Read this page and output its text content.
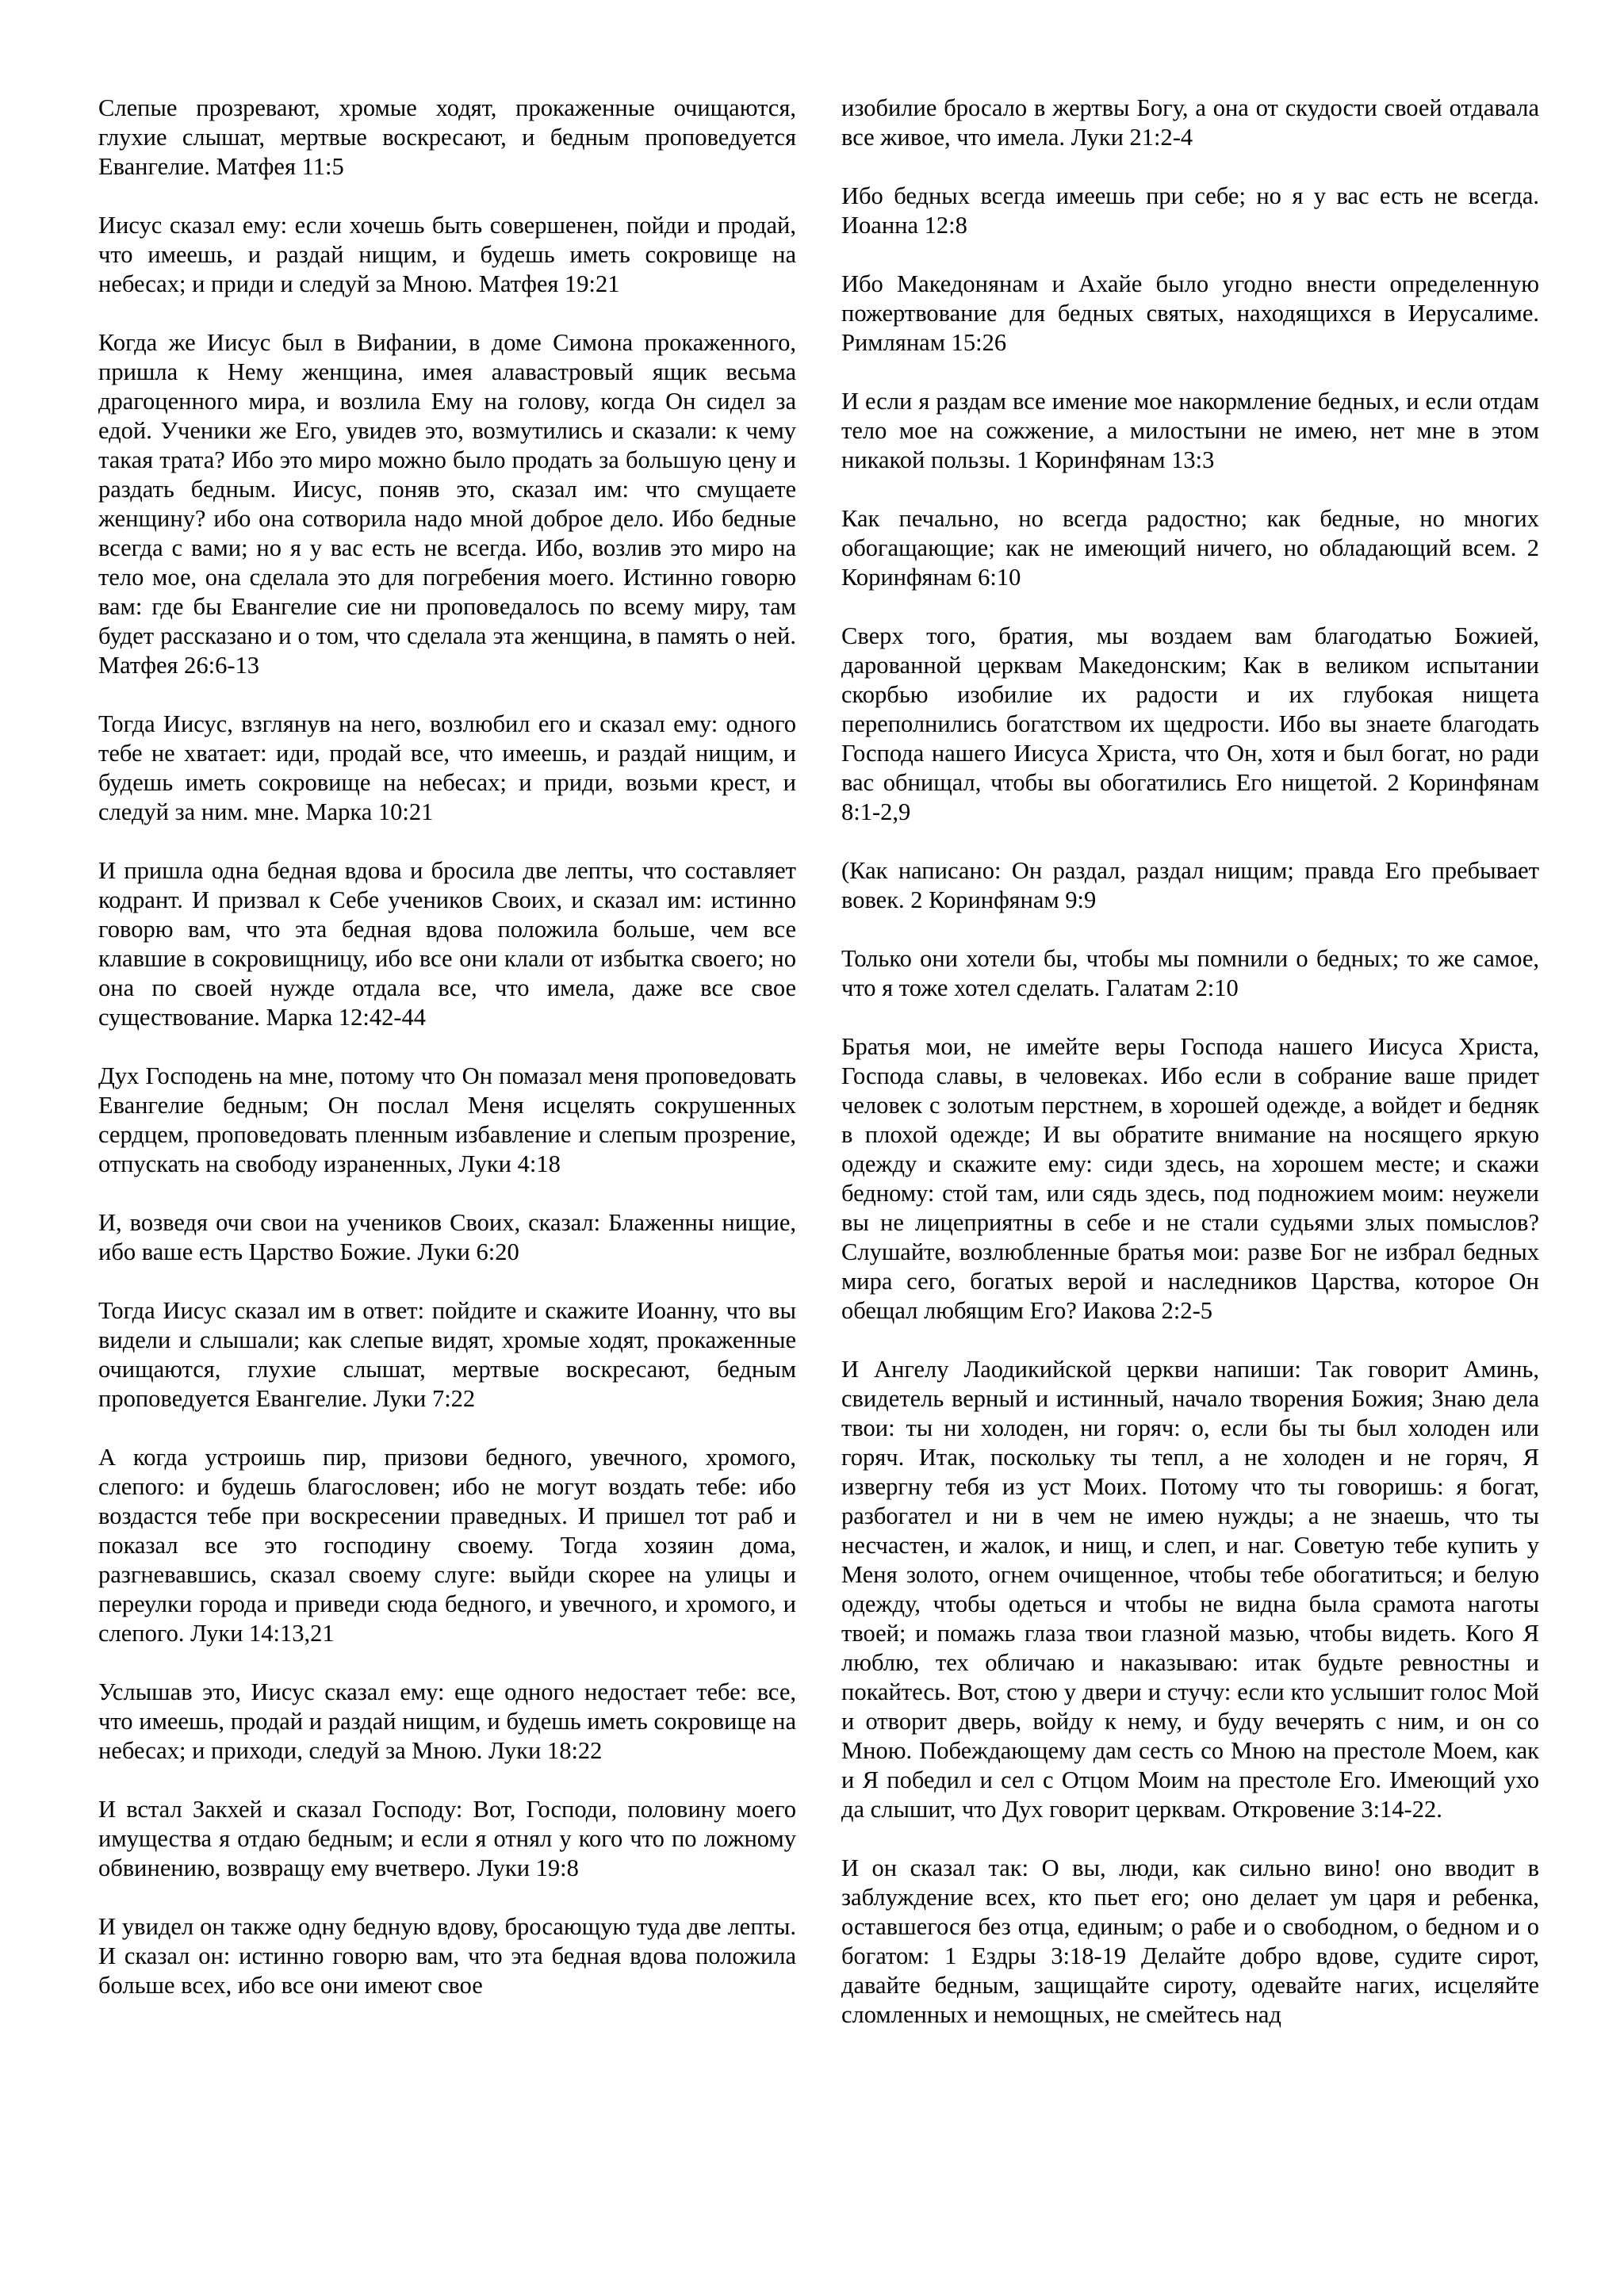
Слепые прозревают, хромые ходят, прокаженные очищаются, глухие слышат, мертвые воскресают, и бедным проповедуется Евангелие. Матфея 11:5

Иисус сказал ему: если хочешь быть совершенен, пойди и продай, что имеешь, и раздай нищим, и будешь иметь сокровище на небесах; и приди и следуй за Мною. Матфея 19:21

Когда же Иисус был в Вифании, в доме Симона прокаженного, пришла к Нему женщина, имея алавастровый ящик весьма драгоценного мира, и возлила Ему на голову, когда Он сидел за едой. Ученики же Его, увидев это, возмутились и сказали: к чему такая трата? Ибо это миро можно было продать за большую цену и раздать бедным. Иисус, поняв это, сказал им: что смущаете женщину? ибо она сотворила надо мной доброе дело. Ибо бедные всегда с вами; но я у вас есть не всегда. Ибо, возлив это миро на тело мое, она сделала это для погребения моего. Истинно говорю вам: где бы Евангелие сие ни проповедалось по всему миру, там будет рассказано и о том, что сделала эта женщина, в память о ней. Матфея 26:6-13

Тогда Иисус, взглянув на него, возлюбил его и сказал ему: одного тебе не хватает: иди, продай все, что имеешь, и раздай нищим, и будешь иметь сокровище на небесах; и приди, возьми крест, и следуй за ним. мне. Марка 10:21

И пришла одна бедная вдова и бросила две лепты, что составляет кодрант. И призвал к Себе учеников Своих, и сказал им: истинно говорю вам, что эта бедная вдова положила больше, чем все клавшие в сокровищницу, ибо все они клали от избытка своего; но она по своей нужде отдала все, что имела, даже все свое существование. Марка 12:42-44

Дух Господень на мне, потому что Он помазал меня проповедовать Евангелие бедным; Он послал Меня исцелять сокрушенных сердцем, проповедовать пленным избавление и слепым прозрение, отпускать на свободу израненных, Луки 4:18

И, возведя очи свои на учеников Своих, сказал: Блаженны нищие, ибо ваше есть Царство Божие. Луки 6:20

Тогда Иисус сказал им в ответ: пойдите и скажите Иоанну, что вы видели и слышали; как слепые видят, хромые ходят, прокаженные очищаются, глухие слышат, мертвые воскресают, бедным проповедуется Евангелие. Луки 7:22

А когда устроишь пир, призови бедного, увечного, хромого, слепого: и будешь благословен; ибо не могут воздать тебе: ибо воздастся тебе при воскресении праведных. И пришел тот раб и показал все это господину своему. Тогда хозяин дома, разгневавшись, сказал своему слуге: выйди скорее на улицы и переулки города и приведи сюда бедного, и увечного, и хромого, и слепого. Луки 14:13,21

Услышав это, Иисус сказал ему: еще одного недостает тебе: все, что имеешь, продай и раздай нищим, и будешь иметь сокровище на небесах; и приходи, следуй за Мною. Луки 18:22

И встал Закхей и сказал Господу: Вот, Господи, половину моего имущества я отдаю бедным; и если я отнял у кого что по ложному обвинению, возвращу ему вчетверо. Луки 19:8

И увидел он также одну бедную вдову, бросающую туда две лепты. И сказал он: истинно говорю вам, что эта бедная вдова положила больше всех, ибо все они имеют свое

изобилие бросало в жертвы Богу, а она от скудости своей отдавала все живое, что имела. Луки 21:2-4

Ибо бедных всегда имеешь при себе; но я у вас есть не всегда. Иоанна 12:8

Ибо Македонянам и Ахайе было угодно внести определенную пожертвование для бедных святых, находящихся в Иерусалиме. Римлянам 15:26

И если я раздам все имение мое накормление бедных, и если отдам тело мое на сожжение, а милостыни не имею, нет мне в этом никакой пользы. 1 Коринфянам 13:3

Как печально, но всегда радостно; как бедные, но многих обогащающие; как не имеющий ничего, но обладающий всем. 2 Коринфянам 6:10

Сверх того, братия, мы воздаем вам благодатью Божией, дарованной церквам Македонским; Как в великом испытании скорбью изобилие их радости и их глубокая нищета переполнились богатством их щедрости. Ибо вы знаете благодать Господа нашего Иисуса Христа, что Он, хотя и был богат, но ради вас обнищал, чтобы вы обогатились Его нищетой. 2 Коринфянам 8:1-2,9

(Как написано: Он раздал, раздал нищим; правда Его пребывает вовек. 2 Коринфянам 9:9

Только они хотели бы, чтобы мы помнили о бедных; то же самое, что я тоже хотел сделать. Галатам 2:10

Братья мои, не имейте веры Господа нашего Иисуса Христа, Господа славы, в человеках. Ибо если в собрание ваше придет человек с золотым перстнем, в хорошей одежде, а войдет и бедняк в плохой одежде; И вы обратите внимание на носящего яркую одежду и скажите ему: сиди здесь, на хорошем месте; и скажи бедному: стой там, или сядь здесь, под подножием моим: неужели вы не лицеприятны в себе и не стали судьями злых помыслов? Слушайте, возлюбленные братья мои: разве Бог не избрал бедных мира сего, богатых верой и наследников Царства, которое Он обещал любящим Его? Иакова 2:2-5

И Ангелу Лаодикийской церкви напиши: Так говорит Аминь, свидетель верный и истинный, начало творения Божия; Знаю дела твои: ты ни холоден, ни горяч: о, если бы ты был холоден или горяч. Итак, поскольку ты тепл, а не холоден и не горяч, Я извергну тебя из уст Моих. Потому что ты говоришь: я богат, разбогател и ни в чем не имею нужды; а не знаешь, что ты несчастен, и жалок, и нищ, и слеп, и наг. Советую тебе купить у Меня золото, огнем очищенное, чтобы тебе обогатиться; и белую одежду, чтобы одеться и чтобы не видна была срамота наготы твоей; и помажь глаза твои глазной мазью, чтобы видеть. Кого Я люблю, тех обличаю и наказываю: итак будьте ревностны и покайтесь. Вот, стою у двери и стучу: если кто услышит голос Мой и отворит дверь, войду к нему, и буду вечерять с ним, и он со Мною. Побеждающему дам сесть со Мною на престоле Моем, как и Я победил и сел с Отцом Моим на престоле Его. Имеющий ухо да слышит, что Дух говорит церквам. Откровение 3:14-22.

И он сказал так: О вы, люди, как сильно вино! оно вводит в заблуждение всех, кто пьет его; оно делает ум царя и ребенка, оставшегося без отца, единым; о рабе и о свободном, о бедном и о богатом: 1 Ездры 3:18-19 Делайте добро вдове, судите сирот, давайте бедным, защищайте сироту, одевайте нагих, исцеляйте сломленных и немощных, не смейтесь над
